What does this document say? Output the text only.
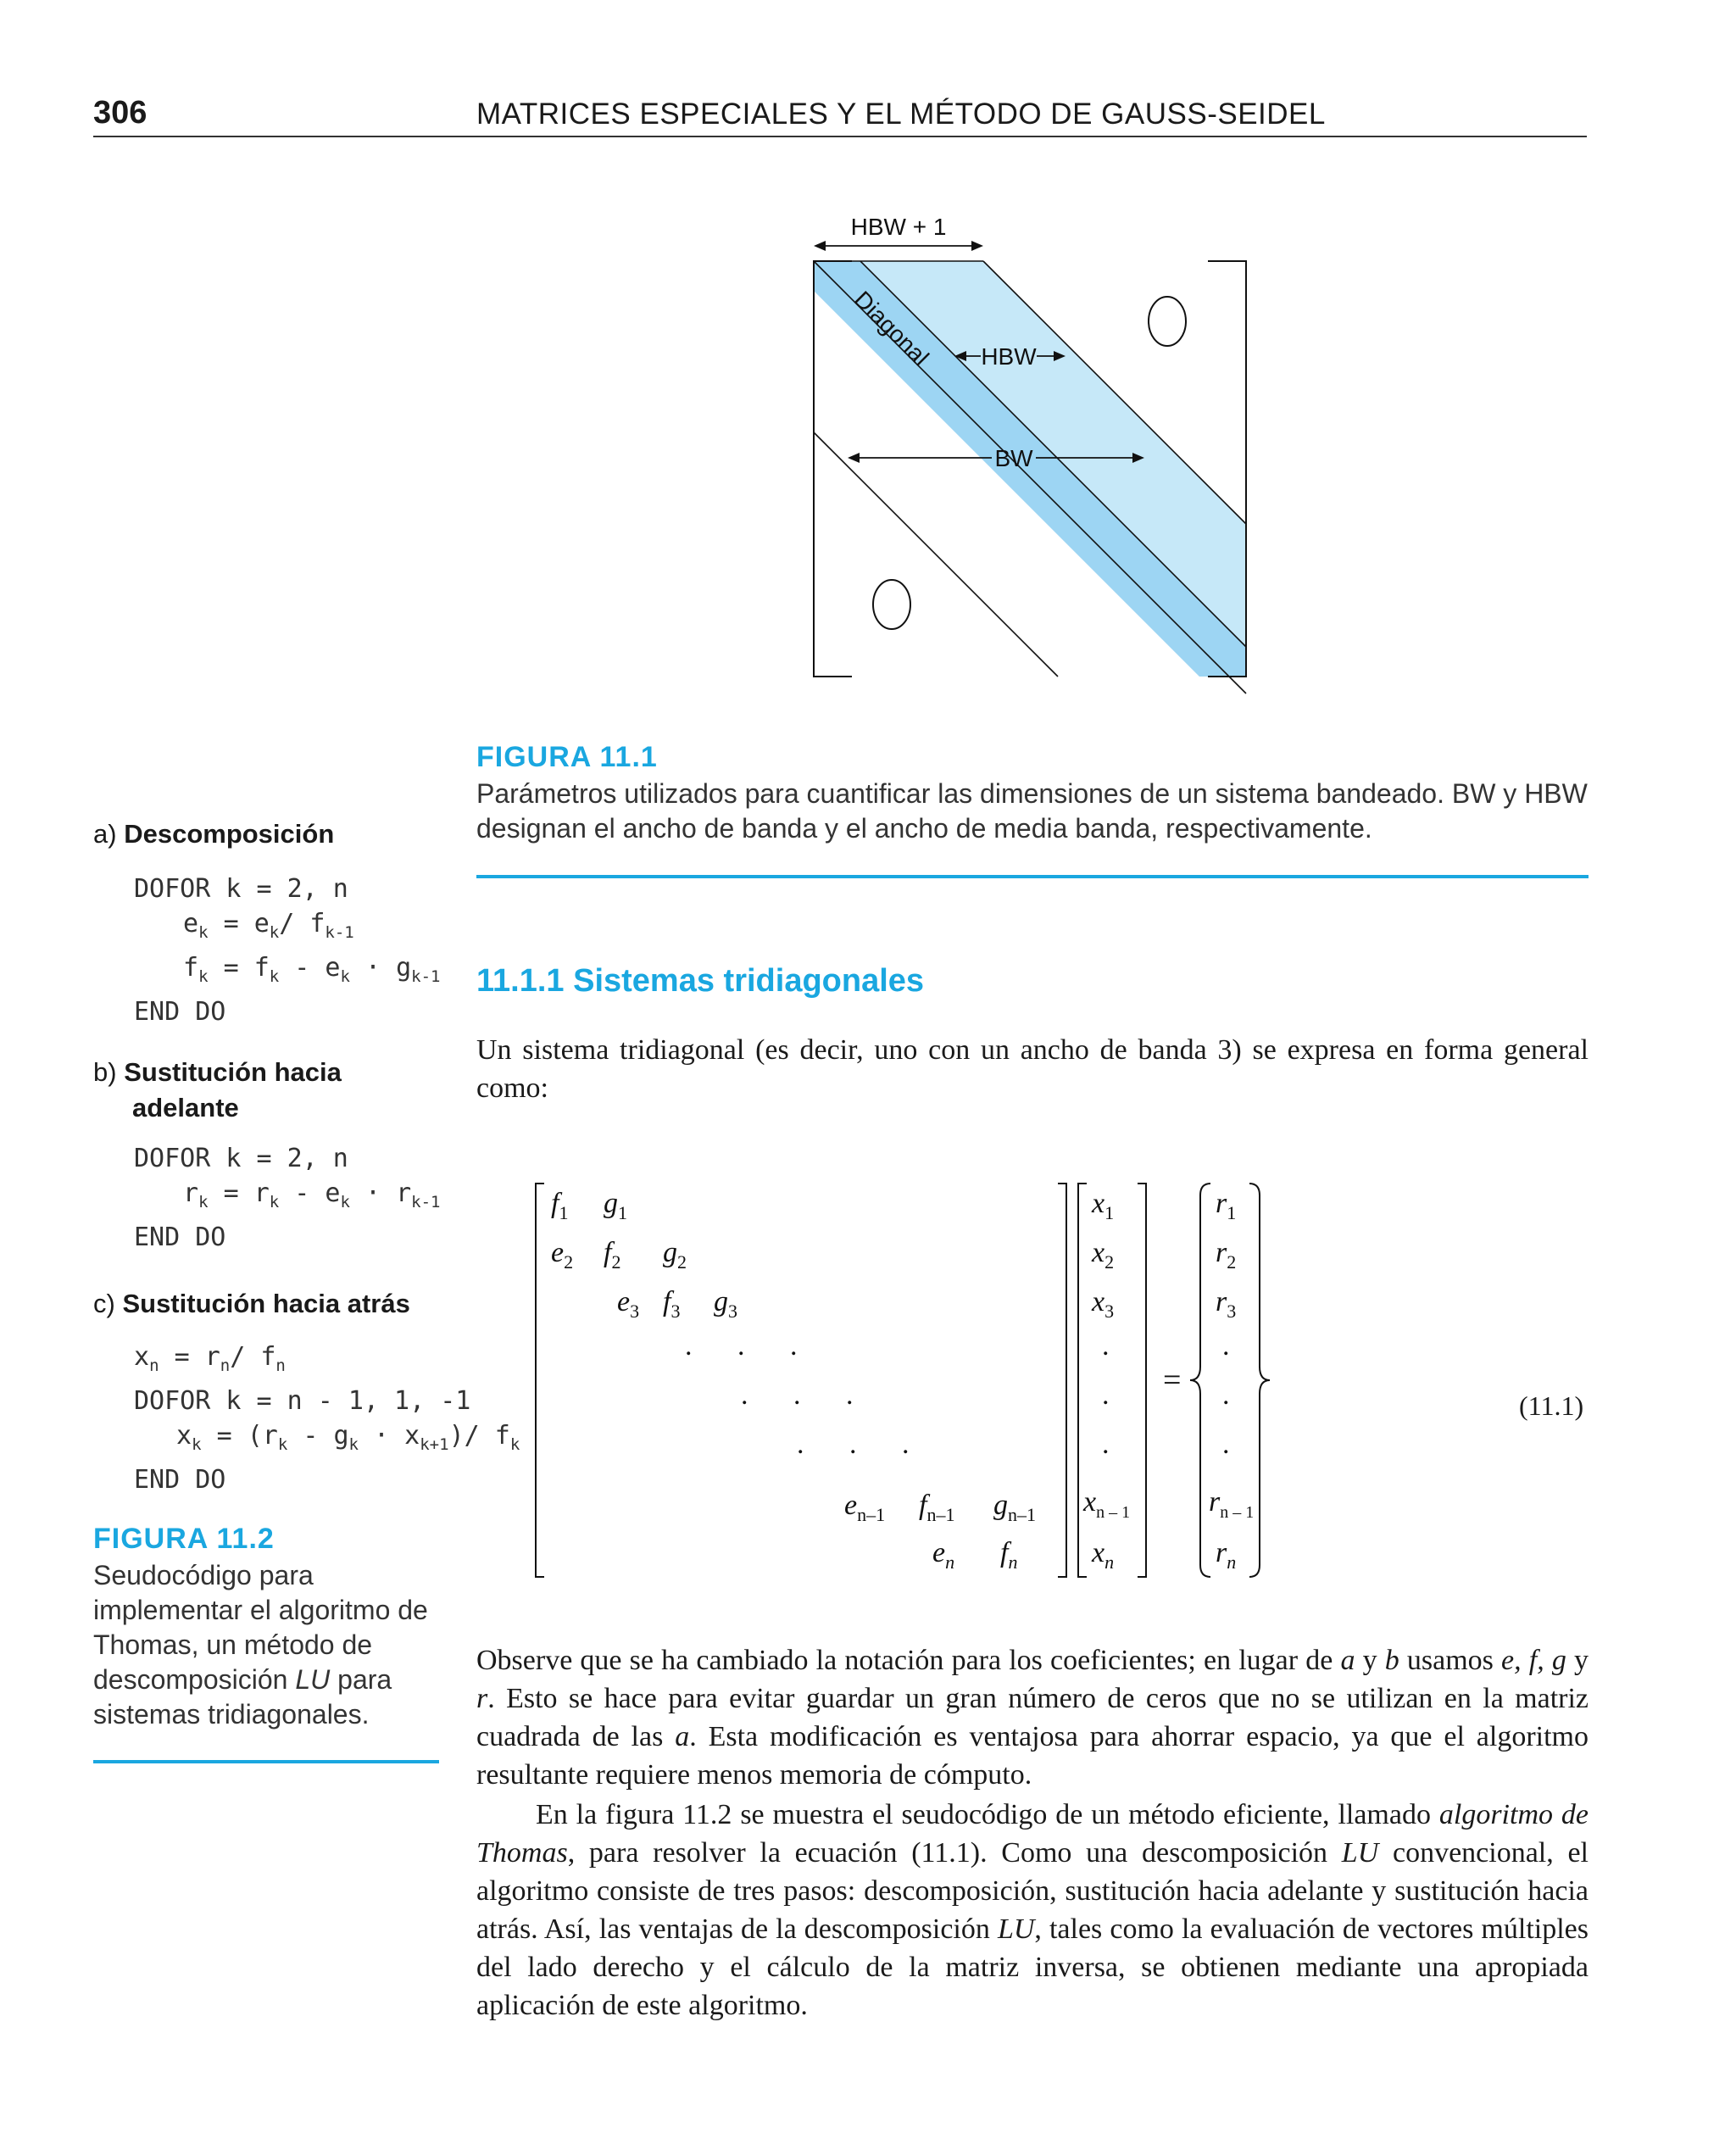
306	MATRICES ESPECIALES Y EL MÉTODO DE GAUSS-SEIDEL
HBW + 1
HBW
BW
Diagonal
FIGURA 11.1
Parámetros utilizados para cuantificar las dimensiones de un sistema bandeado. BW y HBW designan el ancho de banda y el ancho de media banda, respectivamente.
11.1.1 Sistemas tridiagonales
Un sistema tridiagonal (es decir, uno con un ancho de banda 3) se expresa en forma general como:
$f_1$ $g_1$
$e_2$ $f_2$ $g_2$
$e_3$ $f_3$ $g_3$
. . .
. . .
. . .
$e_{n-1}$ $f_{n-1}$ $g_{n-1}$
$e_n$ $f_n$
$x_1$
$x_2$
$x_3$
.
.
.
$x_{n - 1}$
$x_n$
=
$r_1$
$r_2$
$r_3$
.
.
.
$r_{n - 1}$
$r_n$
(11.1)
Observe que se ha cambiado la notación para los coeficientes; en lugar de a y b usamos e, f, g y r. Esto se hace para evitar guardar un gran número de ceros que no se utilizan en la matriz cuadrada de las a. Esta modificación es ventajosa para ahorrar espacio, ya que el algoritmo resultante requiere menos memoria de cómputo.
En la figura 11.2 se muestra el seudocódigo de un método eficiente, llamado algoritmo de Thomas, para resolver la ecuación (11.1). Como una descomposición LU convencional, el algoritmo consiste de tres pasos: descomposición, sustitución hacia adelante y sustitución hacia atrás. Así, las ventajas de la descomposición LU, tales como la evaluación de vectores múltiples del lado derecho y el cálculo de la matriz inversa, se obtienen mediante una apropiada aplicación de este algoritmo.
a) Descomposición
DOFOR k = 2, n
$e_k = e_k/$ $f_{k-1}$
$f_k = f_k - e_k \cdot g_{k-1}$
END DO
b) Sustitución hacia
adelante
DOFOR k = 2, n
$r_k = r_k - e_k \cdot r_{k-1}$
END DO
c) Sustitución hacia atrás
$x_n = r_n/$ $f_n$
DOFOR k = n - 1, 1, -1
$x_k = (r_k - g_k \cdot x_{k+1})/$ $f_k$
END DO
FIGURA 11.2
Seudocódigo para implementar el algoritmo de Thomas, un método de descomposición LU para sistemas tridiagonales.
